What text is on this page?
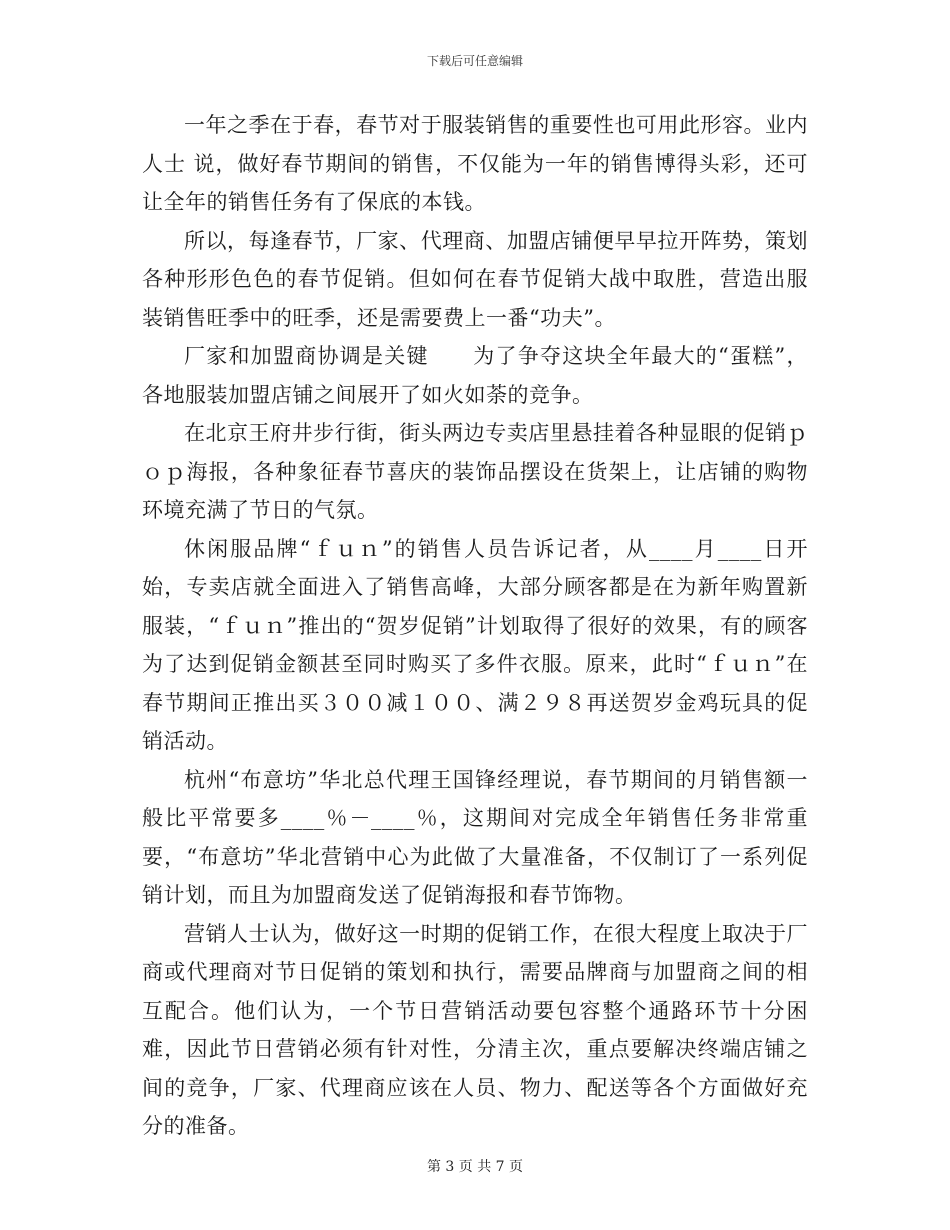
下载后可任意编辑

一年之季在于春，春节对于服装销售的重要性也可用此形容。业内人士 说，做好春节期间的销售，不仅能为一年的销售博得头彩，还可让全年的销售任务有了保底的本钱。

所以，每逢春节，厂家、代理商、加盟店铺便早早拉开阵势，策划各种形形色色的春节促销。但如何在春节促销大战中取胜，营造出服装销售旺季中的旺季，还是需要费上一番“功夫”。

厂家和加盟商协调是关键　　为了争夺这块全年最大的“蛋糕”，各地服装加盟店铺之间展开了如火如荼的竞争。

在北京王府井步行街，街头两边专卖店里悬挂着各种显眼的促销ｐｏｐ海报，各种象征春节喜庆的装饰品摆设在货架上，让店铺的购物环境充满了节日的气氛。

休闲服品牌“ｆｕｎ”的销售人员告诉记者，从____月____日开始，专卖店就全面进入了销售高峰，大部分顾客都是在为新年购置新服装，“ｆｕｎ”推出的“贺岁促销”计划取得了很好的效果，有的顾客为了达到促销金额甚至同时购买了多件衣服。原来，此时“ｆｕｎ”在春节期间正推出买３００减１００、满２９８再送贺岁金鸡玩具的促销活动。

杭州“布意坊”华北总代理王国锋经理说，春节期间的月销售额一般比平常要多____％－____％，这期间对完成全年销售任务非常重要，“布意坊”华北营销中心为此做了大量准备，不仅制订了一系列促销计划，而且为加盟商发送了促销海报和春节饰物。

营销人士认为，做好这一时期的促销工作，在很大程度上取决于厂商或代理商对节日促销的策划和执行，需要品牌商与加盟商之间的相互配合。他们认为，一个节日营销活动要包容整个通路环节十分困难，因此节日营销必须有针对性，分清主次，重点要解决终端店铺之间的竞争，厂家、代理商应该在人员、物力、配送等各个方面做好充分的准备。

第 3 页 共 7 页
